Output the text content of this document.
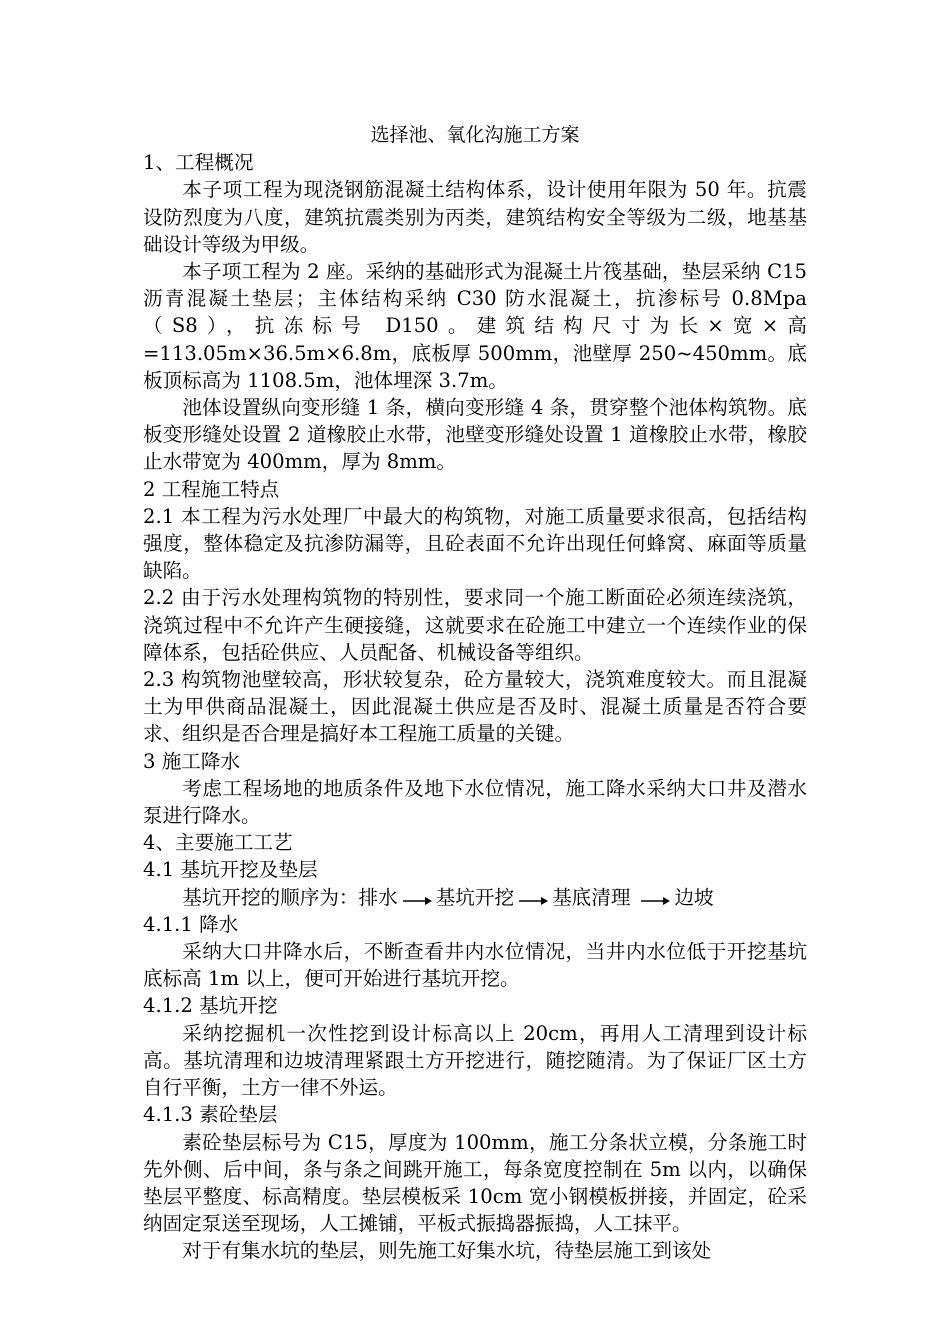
选择池、氧化沟施工方案

1、工程概况

本子项工程为现浇钢筋混凝土结构体系，设计使用年限为 50 年。抗震设防烈度为八度，建筑抗震类别为丙类，建筑结构安全等级为二级，地基基础设计等级为甲级。

本子项工程为 2 座。采纳的基础形式为混凝土片筏基础，垫层采纳 C15 沥青混凝土垫层；主体结构采纳 C30 防水混凝土，抗渗标号 0.8Mpa（S8），抗冻标号 D150。建筑结构尺寸为长×宽×高=113.05m×36.5m×6.8m，底板厚 500mm，池壁厚 250~450mm。底板顶标高为 1108.5m，池体埋深 3.7m。

池体设置纵向变形缝 1 条，横向变形缝 4 条，贯穿整个池体构筑物。底板变形缝处设置 2 道橡胶止水带，池壁变形缝处设置 1 道橡胶止水带，橡胶止水带宽为 400mm，厚为 8mm。

2 工程施工特点

2.1 本工程为污水处理厂中最大的构筑物，对施工质量要求很高，包括结构强度，整体稳定及抗渗防漏等，且砼表面不允许出现任何蜂窝、麻面等质量缺陷。

2.2 由于污水处理构筑物的特别性，要求同一个施工断面砼必须连续浇筑，浇筑过程中不允许产生硬接缝，这就要求在砼施工中建立一个连续作业的保障体系，包括砼供应、人员配备、机械设备等组织。

2.3 构筑物池壁较高，形状较复杂，砼方量较大，浇筑难度较大。而且混凝土为甲供商品混凝土，因此混凝土供应是否及时、混凝土质量是否符合要求、组织是否合理是搞好本工程施工质量的关键。

3 施工降水

考虑工程场地的地质条件及地下水位情况，施工降水采纳大口井及潜水泵进行降水。

4、主要施工工艺

4.1 基坑开挖及垫层

基坑开挖的顺序为： 排水 基坑开挖 基底清理 边坡

4.1.1 降水

采纳大口井降水后，不断查看井内水位情况，当井内水位低于开挖基坑底标高 1m 以上，便可开始进行基坑开挖。

4.1.2 基坑开挖

采纳挖掘机一次性挖到设计标高以上 20cm，再用人工清理到设计标高。基坑清理和边坡清理紧跟土方开挖进行，随挖随清。为了保证厂区土方自行平衡，土方一律不外运。

4.1.3 素砼垫层

素砼垫层标号为 C15，厚度为 100mm，施工分条状立模，分条施工时先外侧、后中间，条与条之间跳开施工，每条宽度控制在 5m 以内，以确保垫层平整度、标高精度。垫层模板采 10cm 宽小钢模板拼接，并固定，砼采纳固定泵送至现场，人工摊铺，平板式振捣器振捣，人工抹平。

对于有集水坑的垫层，则先施工好集水坑，待垫层施工到该处
